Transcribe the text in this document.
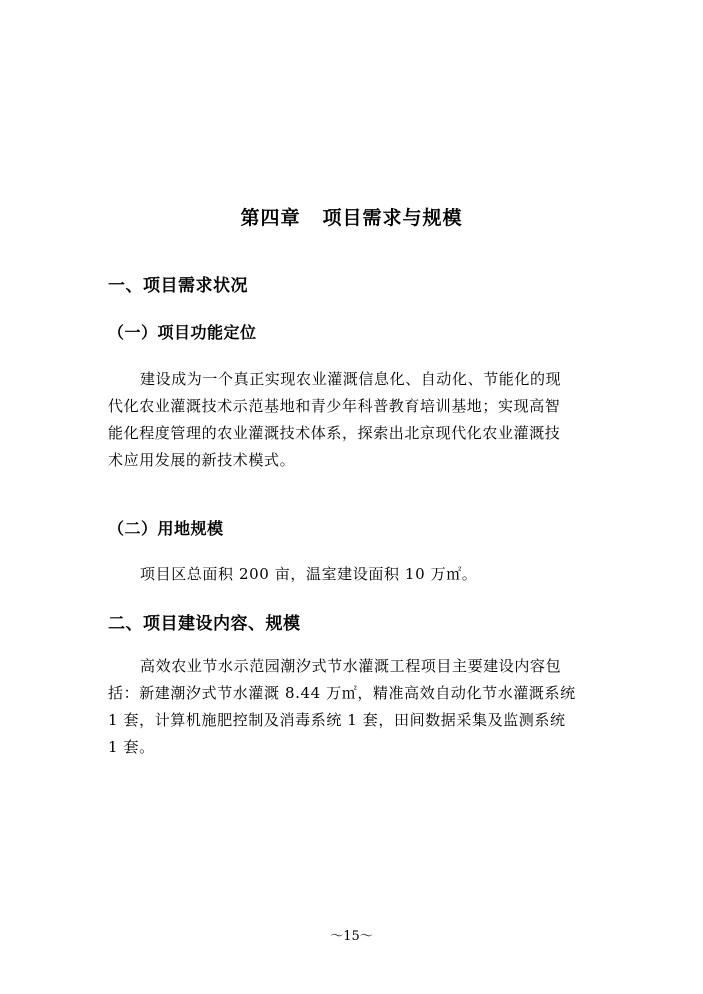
第四章 项目需求与规模
一、项目需求状况
（一）项目功能定位

建设成为一个真正实现农业灌溉信息化、自动化、节能化的现

代化农业灌溉技术示范基地和青少年科普教育培训基地；实现高智

能化程度管理的农业灌溉技术体系，探索出北京现代化农业灌溉技

术应用发展的新技术模式。

（二）用地规模

项目区总面积 200 亩，温室建设面积 10 万㎡。

二、项目建设内容、规模

高效农业节水示范园潮汐式节水灌溉工程项目主要建设内容包

括：新建潮汐式节水灌溉 8.44 万㎡，精准高效自动化节水灌溉系统

1 套，计算机施肥控制及消毒系统 1 套，田间数据采集及监测系统

1 套。

～15～
